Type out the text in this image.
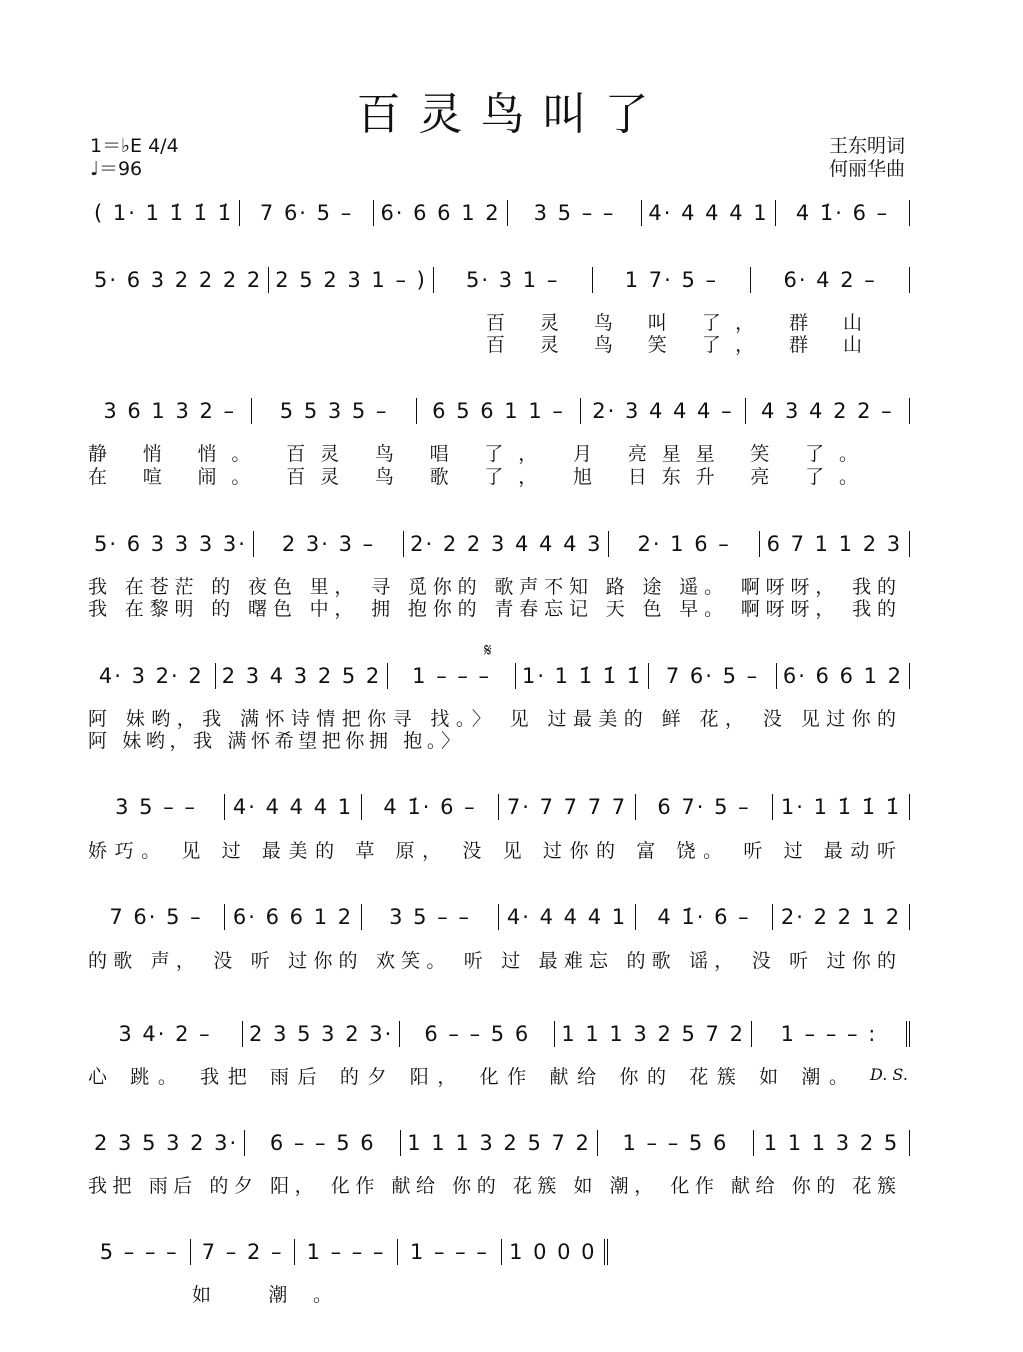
百灵鸟叫了
1＝♭E 4/4
♩＝96
王东明词
何丽华曲
( 1· 1 1̇ 1̇ 1̇	7 6· 5 –	6· 6 6 1 2	3 5 – –	4· 4 4 4 1	4 1̇· 6 –
5· 6 3 2 2 2 2 2 5 2 3 1 – )	5· 3 1 –	1 7· 5 –	6· 4 2 –
3 6 1 3 2 –	5 5 3 5 –	6 5 6 1 1 –	2· 3 4 4 4 –	4 3 4 2 2 –
5· 6 3 3 3 3·	2 3· 3 –	2· 2 2 3 4 4 4 3	2· 1 6 –	6 7 1 1 2 3
4· 3 2· 2 2 3 4 3 2 5 2	1 – – –	1· 1 1̇ 1̇ 1̇	7 6· 5 –	6· 6 6 1 2
3 5 – –	4· 4 4 4 1	4 1̇· 6 –	7· 7 7 7 7	6 7· 5 –	1· 1 1̇ 1̇ 1̇
7 6· 5 –	6· 6 6 1 2	3 5 – –	4· 4 4 4 1	4 1̇· 6 –	2· 2 2 1 2
3 4· 2 –	2 3 5 3 2 3·	6 – – 5 6	1 1 1 3 2 5 7 2	1 – – – :
2 3 5 3 2 3·	6 – – 5 6	1 1 1 3 2 5 7 2	1 – – 5 6	1 1 1 3 2 5
5 – – –	7 – 2 –	1 – – –	1 – – – 1 0 0 0
百 灵 鸟 叫 了， 群 山
百 灵 鸟 笑 了， 群 山
静 悄 悄。 百灵 鸟 唱 了， 月 亮星星 笑 了。
在 喧 闹。 百灵 鸟 歌 了， 旭 日东升 亮 了。
我 在苍茫 的 夜色 里， 寻 觅你的 歌声不知 路 途 遥。 啊呀呀， 我的
我 在黎明 的 曙色 中， 拥 抱你的 青春忘记 天 色 早。 啊呀呀， 我的
阿 妹哟，我 满怀诗情把你寻 找。〉 见 过最美的 鲜 花， 没 见过你的
阿 妹哟，我 满怀希望把你拥 抱。〉
娇巧。 见 过 最美的 草 原， 没 见 过你的 富 饶。 听 过 最动听
的歌 声， 没 听 过你的 欢笑。 听 过 最难忘 的歌 谣， 没 听 过你的
心 跳。 我把 雨后 的夕 阳， 化作 献给 你的 花簇 如 潮。
我把 雨后 的夕 阳， 化作 献给 你的 花簇 如 潮， 化作 献给 你的 花簇
如 潮。
𝄋
D. S.
